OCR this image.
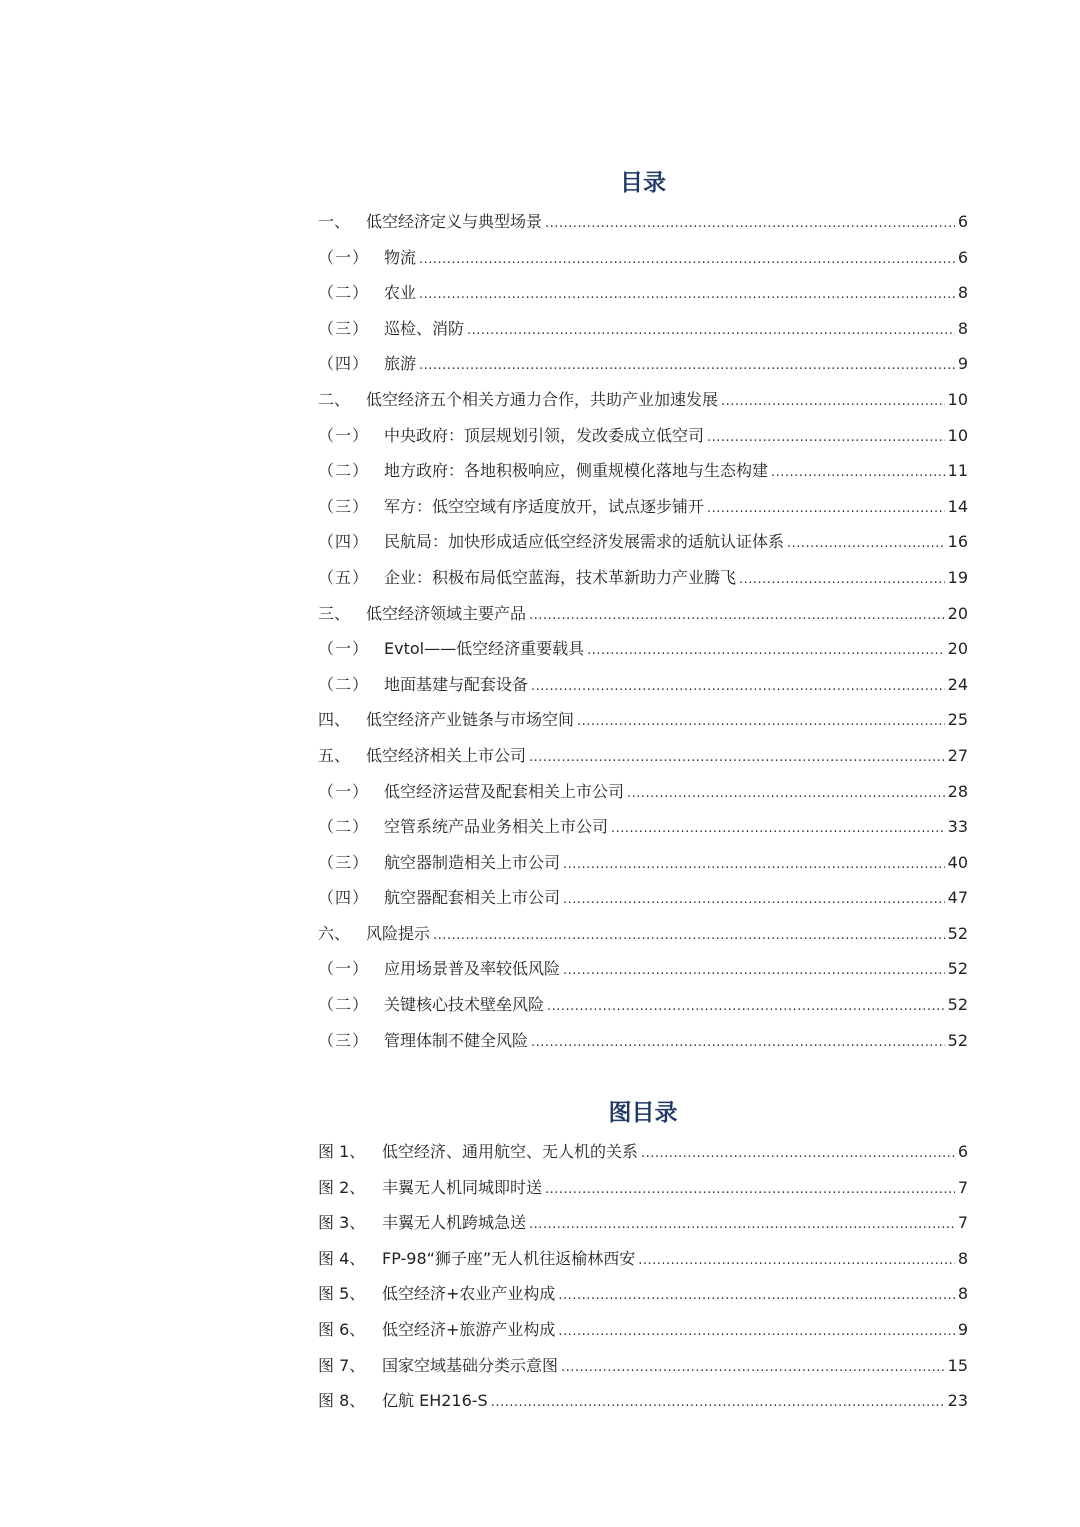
目录
一、 低空经济定义与典型场景 .....	6
（一） 物流 .....	6
（二） 农业 .....	8
（三） 巡检、消防 .....	8
（四） 旅游 .....	9
二、 低空经济五个相关方通力合作，共助产业加速发展 .....	10
（一） 中央政府：顶层规划引领，发改委成立低空司 .....	10
（二） 地方政府：各地积极响应，侧重规模化落地与生态构建 .....	11
（三） 军方：低空空域有序适度放开，试点逐步铺开 .....	14
（四） 民航局：加快形成适应低空经济发展需求的适航认证体系 .....	16
（五） 企业：积极布局低空蓝海，技术革新助力产业腾飞 .....	19
三、 低空经济领域主要产品 .....	20
（一） Evtol——低空经济重要载具 .....	20
（二） 地面基建与配套设备 .....	24
四、 低空经济产业链条与市场空间 .....	25
五、 低空经济相关上市公司 .....	27
（一） 低空经济运营及配套相关上市公司 .....	28
（二） 空管系统产品业务相关上市公司 .....	33
（三） 航空器制造相关上市公司 .....	40
（四） 航空器配套相关上市公司 .....	47
六、 风险提示 .....	52
（一） 应用场景普及率较低风险 .....	52
（二） 关键核心技术壁垒风险 .....	52
（三） 管理体制不健全风险 .....	52
图目录
图 1、	低空经济、通用航空、无人机的关系 .....	6
图 2、	丰翼无人机同城即时送 .....	7
图 3、	丰翼无人机跨城急送 .....	7
图 4、	FP-98“狮子座”无人机往返榆林西安 .....	8
图 5、	低空经济+农业产业构成 .....	8
图 6、	低空经济+旅游产业构成 .....	9
图 7、	国家空域基础分类示意图 .....	15
图 8、	亿航 EH216-S .....	23
